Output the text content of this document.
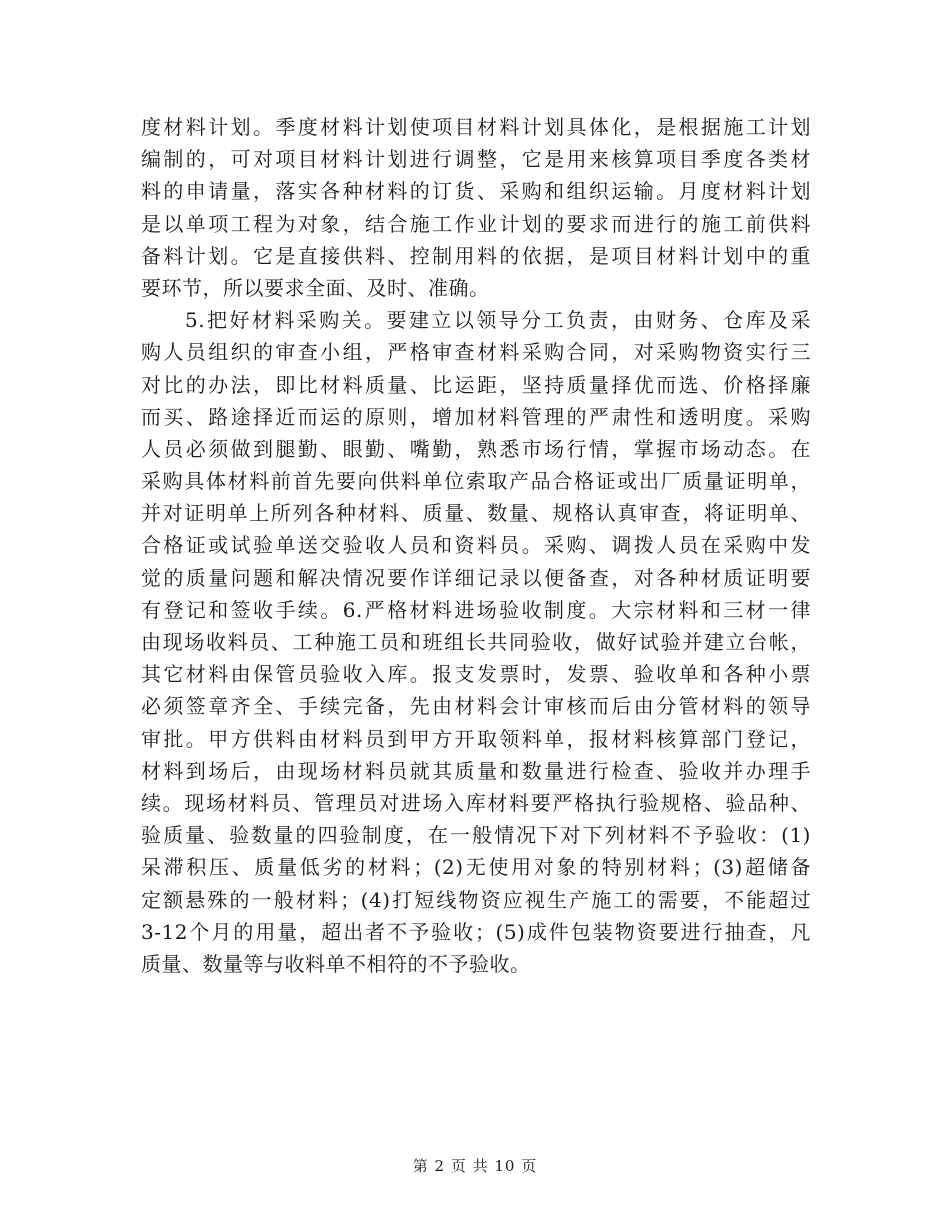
度材料计划。季度材料计划使项目材料计划具体化，是根据施工计划
编制的，可对项目材料计划进行调整，它是用来核算项目季度各类材
料的申请量，落实各种材料的订货、采购和组织运输。月度材料计划
是以单项工程为对象，结合施工作业计划的要求而进行的施工前供料
备料计划。它是直接供料、控制用料的依据，是项目材料计划中的重
要环节，所以要求全面、及时、准确。
5.把好材料采购关。要建立以领导分工负责，由财务、仓库及采
购人员组织的审查小组，严格审查材料采购合同，对采购物资实行三
对比的办法，即比材料质量、比运距，坚持质量择优而选、价格择廉
而买、路途择近而运的原则，增加材料管理的严肃性和透明度。采购
人员必须做到腿勤、眼勤、嘴勤，熟悉市场行情，掌握市场动态。在
采购具体材料前首先要向供料单位索取产品合格证或出厂质量证明单，
并对证明单上所列各种材料、质量、数量、规格认真审查，将证明单、
合格证或试验单送交验收人员和资料员。采购、调拨人员在采购中发
觉的质量问题和解决情况要作详细记录以便备查，对各种材质证明要
有登记和签收手续。6.严格材料进场验收制度。大宗材料和三材一律
由现场收料员、工种施工员和班组长共同验收，做好试验并建立台帐，
其它材料由保管员验收入库。报支发票时，发票、验收单和各种小票
必须签章齐全、手续完备，先由材料会计审核而后由分管材料的领导
审批。甲方供料由材料员到甲方开取领料单，报材料核算部门登记，
材料到场后，由现场材料员就其质量和数量进行检查、验收并办理手
续。现场材料员、管理员对进场入库材料要严格执行验规格、验品种、
验质量、验数量的四验制度，在一般情况下对下列材料不予验收：(1)
呆滞积压、质量低劣的材料；(2)无使用对象的特别材料；(3)超储备
定额悬殊的一般材料；(4)打短线物资应视生产施工的需要，不能超过
3-12个月的用量，超出者不予验收；(5)成件包装物资要进行抽查，凡
质量、数量等与收料单不相符的不予验收。
第 2 页 共 10 页
